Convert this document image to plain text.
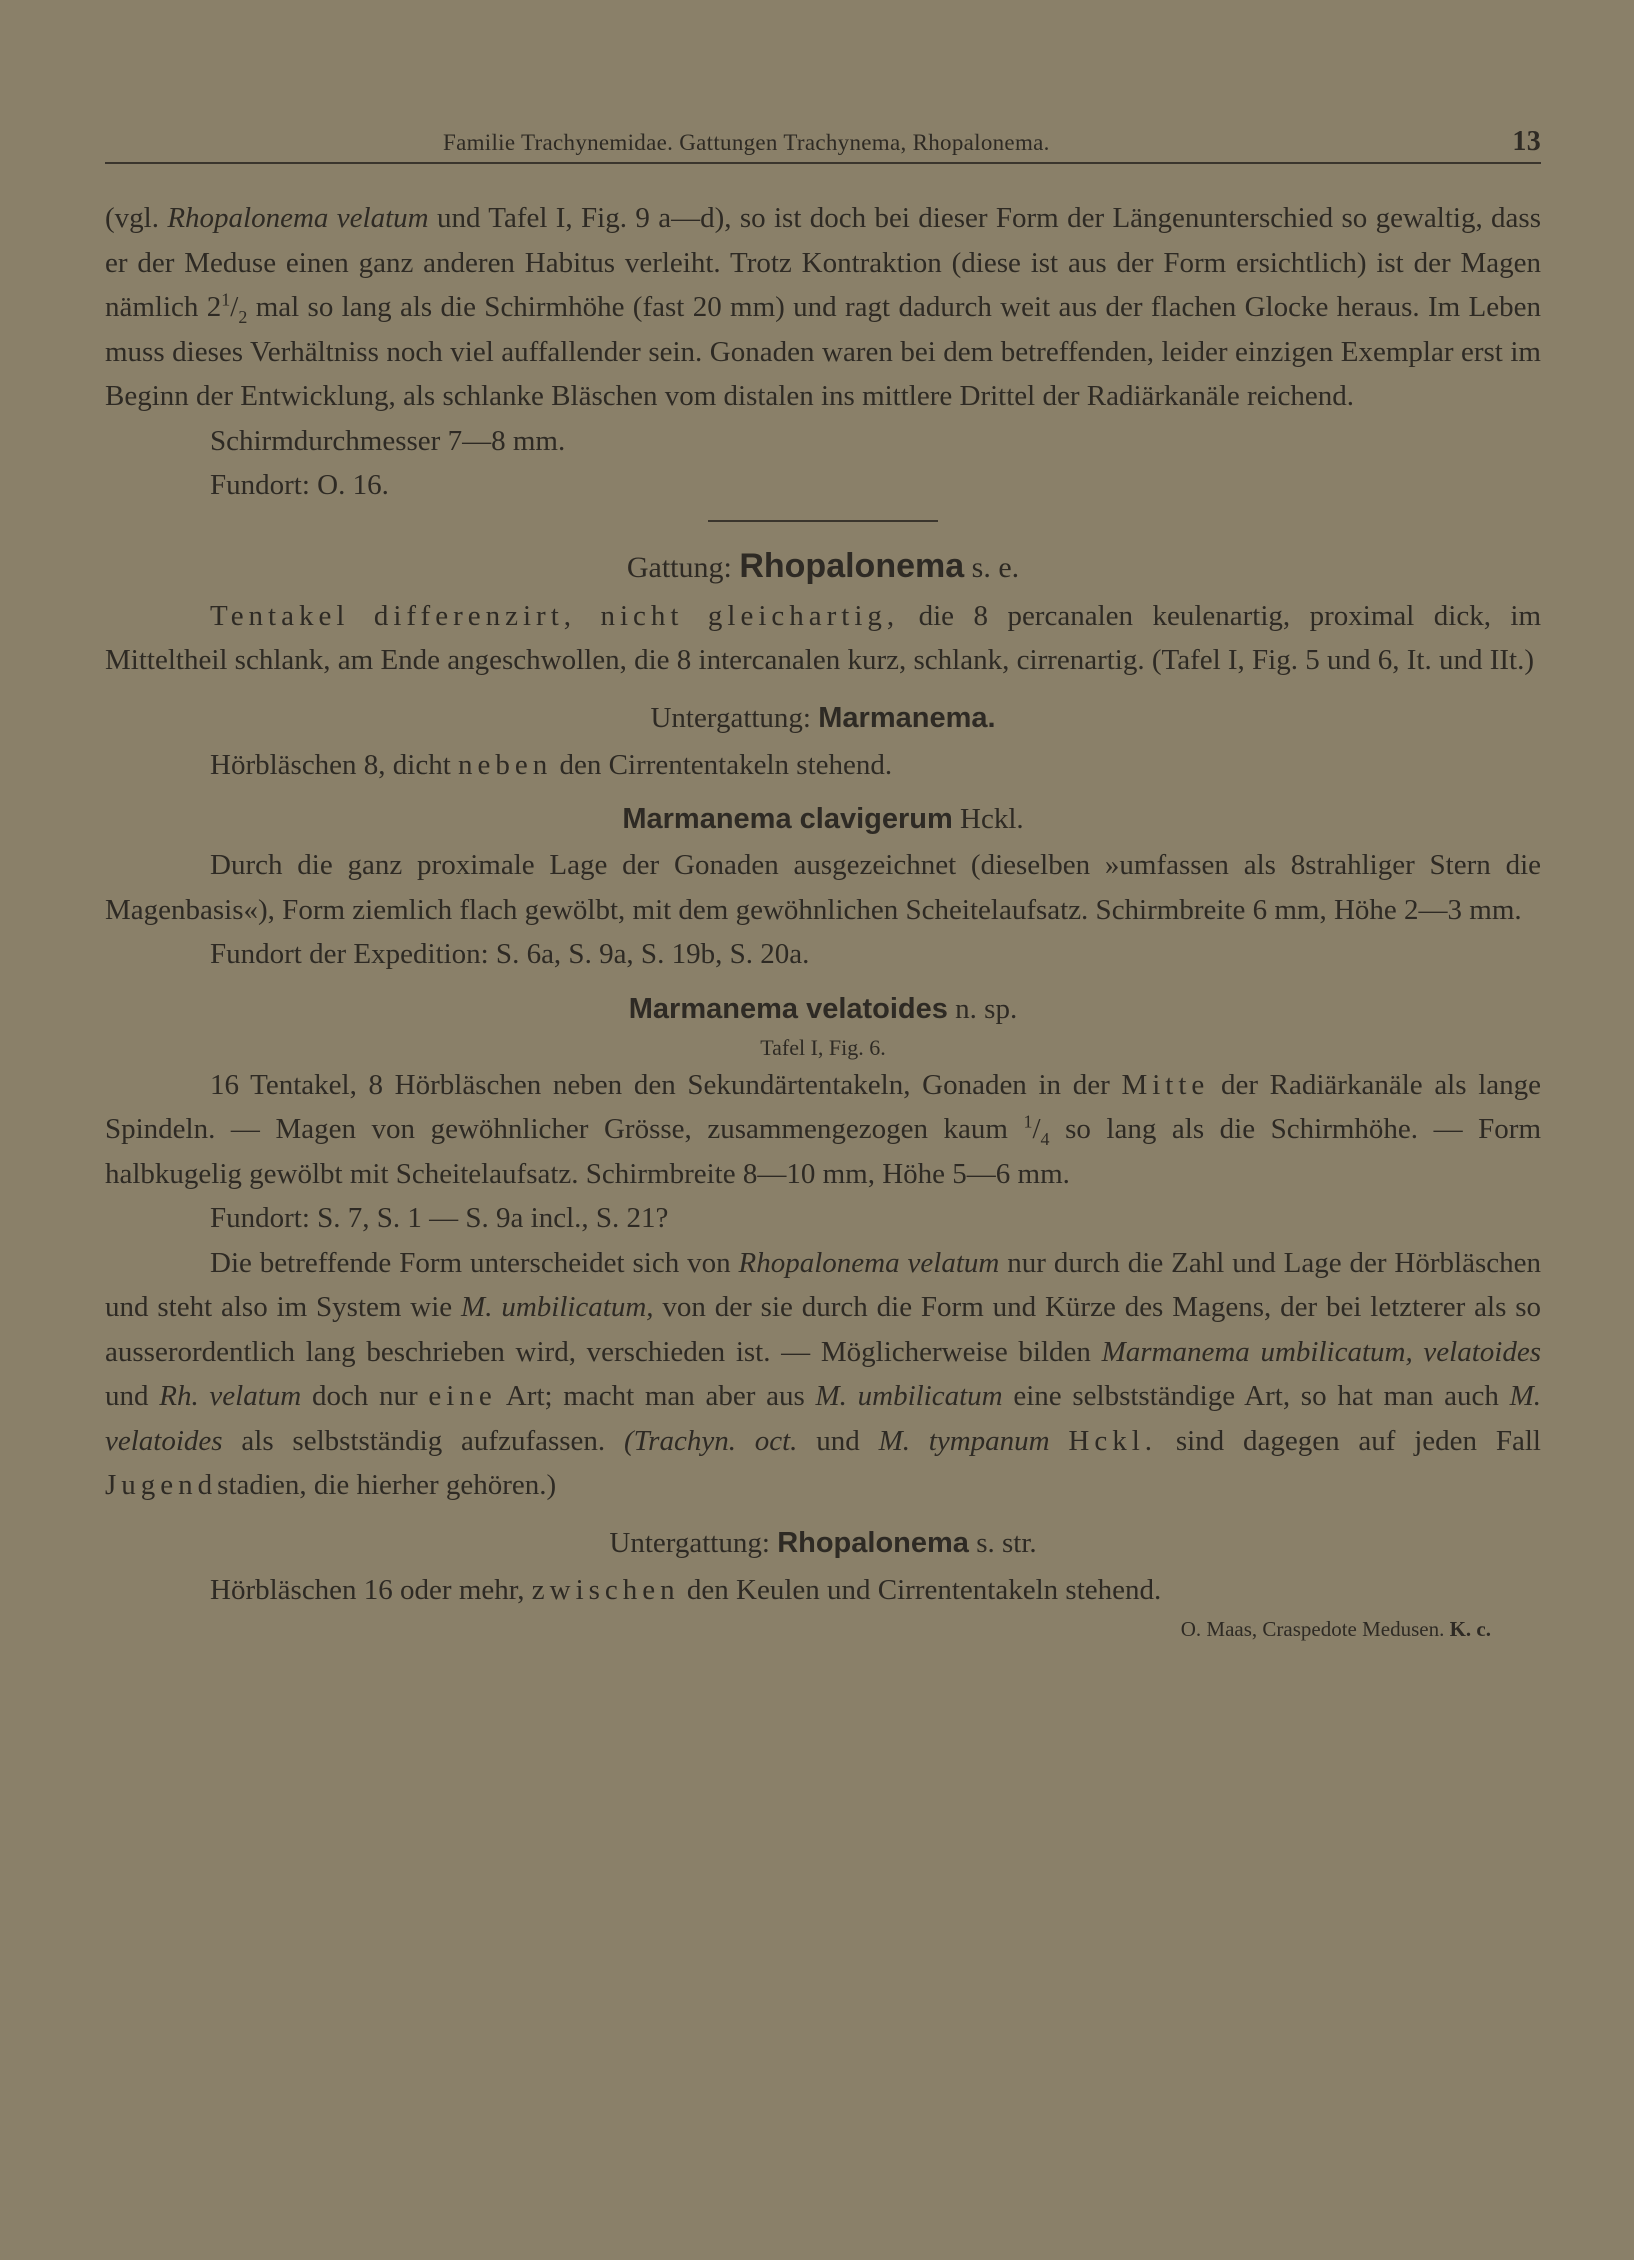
Familie Trachynemidae. Gattungen Trachynema, Rhopalonema.	13

(vgl. Rhopalonema velatum und Tafel I, Fig. 9 a—d), so ist doch bei dieser Form der Längenunterschied so gewaltig, dass er der Meduse einen ganz anderen Habitus verleiht. Trotz Kontraktion (diese ist aus der Form ersichtlich) ist der Magen nämlich $2^1/_2$ mal so lang als die Schirmhöhe (fast 20 mm) und ragt dadurch weit aus der flachen Glocke heraus. Im Leben muss dieses Verhältniss noch viel auffallender sein. Gonaden waren bei dem betreffenden, leider einzigen Exemplar erst im Beginn der Entwicklung, als schlanke Bläschen vom distalen ins mittlere Drittel der Radiärkanäle reichend.

Schirmdurchmesser 7—8 mm.

Fundort: O. 16.

Gattung: Rhopalonema s. e.

Tentakel differenzirt, nicht gleichartig, die 8 percanalen keulenartig, proximal dick, im Mitteltheil schlank, am Ende angeschwollen, die 8 intercanalen kurz, schlank, cirrenartig. (Tafel I, Fig. 5 und 6, It. und IIt.)

Untergattung: Marmanema.

Hörbläschen 8, dicht neben den Cirrententakeln stehend.

Marmanema clavigerum Hckl.

Durch die ganz proximale Lage der Gonaden ausgezeichnet (dieselben »umfassen als 8strahliger Stern die Magenbasis«), Form ziemlich flach gewölbt, mit dem gewöhnlichen Scheitelaufsatz. Schirmbreite 6 mm, Höhe 2—3 mm.

Fundort der Expedition: S. 6a, S. 9a, S. 19b, S. 20a.

Marmanema velatoides n. sp.

Tafel I, Fig. 6.

16 Tentakel, 8 Hörbläschen neben den Sekundärtentakeln, Gonaden in der Mitte der Radiärkanäle als lange Spindeln. — Magen von gewöhnlicher Grösse, zusammengezogen kaum $^1/_4$ so lang als die Schirmhöhe. — Form halbkugelig gewölbt mit Scheitelaufsatz. Schirmbreite 8—10 mm, Höhe 5—6 mm.

Fundort: S. 7, S. 1 — S. 9a incl., S. 21?

Die betreffende Form unterscheidet sich von Rhopalonema velatum nur durch die Zahl und Lage der Hörbläschen und steht also im System wie M. umbilicatum, von der sie durch die Form und Kürze des Magens, der bei letzterer als so ausserordentlich lang beschrieben wird, verschieden ist. — Möglicherweise bilden Marmanema umbilicatum, velatoides und Rh. velatum doch nur eine Art; macht man aber aus M. umbilicatum eine selbstständige Art, so hat man auch M. velatoides als selbstständig aufzufassen. (Trachyn. oct. und M. tympanum Hckl. sind dagegen auf jeden Fall Jugendstadien, die hierher gehören.)

Untergattung: Rhopalonema s. str.

Hörbläschen 16 oder mehr, zwischen den Keulen und Cirrententakeln stehend.

O. Maas, Craspedote Medusen. K. c.
